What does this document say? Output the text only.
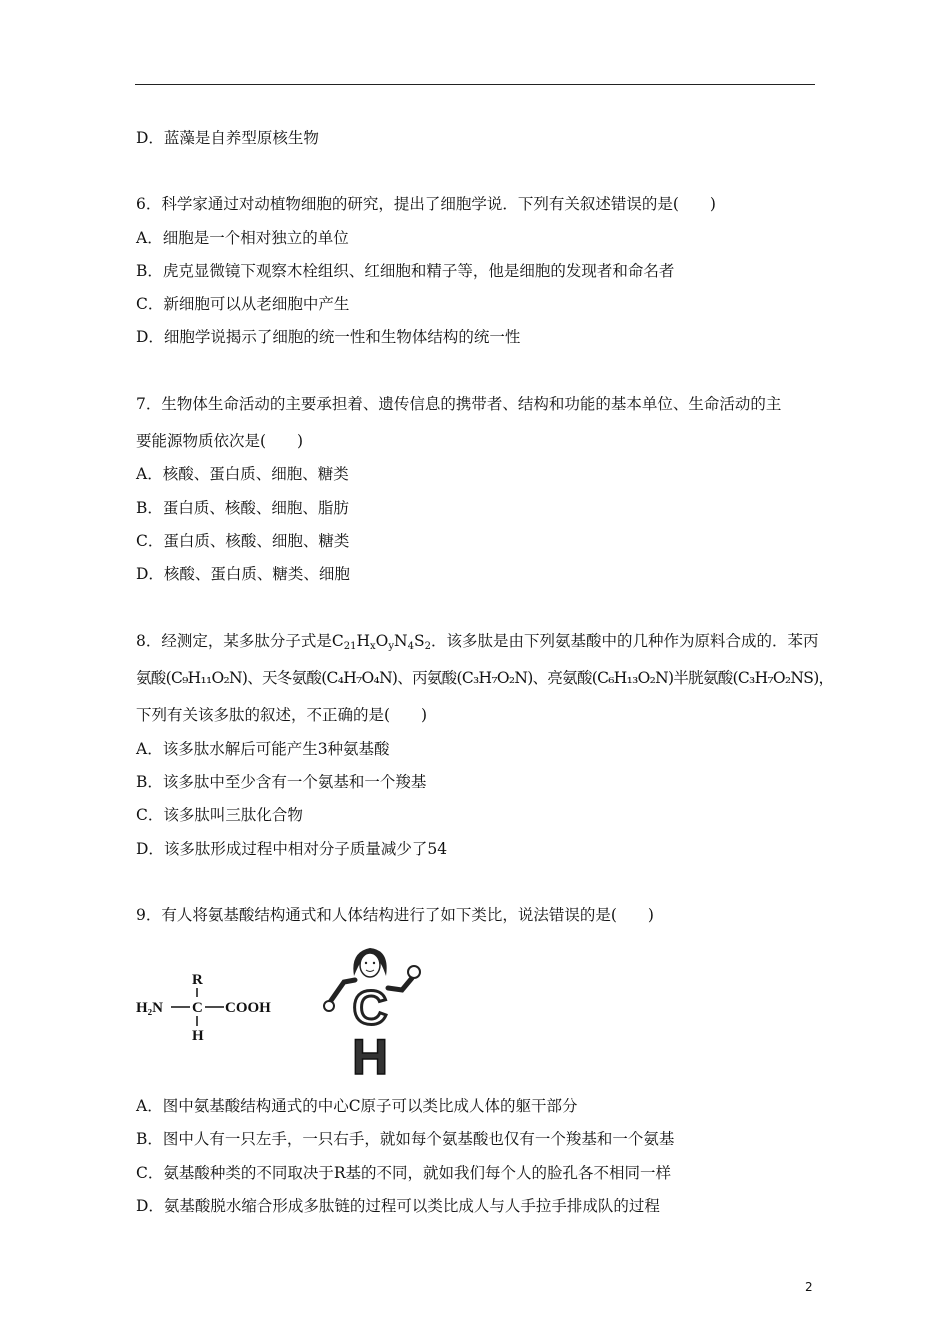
D．蓝藻是自养型原核生物
6．科学家通过对动植物细胞的研究，提出了细胞学说．下列有关叙述错误的是(　　)
A．细胞是一个相对独立的单位
B．虎克显微镜下观察木栓组织、红细胞和精子等，他是细胞的发现者和命名者
C．新细胞可以从老细胞中产生
D．细胞学说揭示了细胞的统一性和生物体结构的统一性
7．生物体生命活动的主要承担着、遗传信息的携带者、结构和功能的基本单位、生命活动的主
要能源物质依次是(　　)
A．核酸、蛋白质、细胞、糖类
B．蛋白质、核酸、细胞、脂肪
C．蛋白质、核酸、细胞、糖类
D．核酸、蛋白质、糖类、细胞
8．经测定，某多肽分子式是$C_{21}H_xO_yN_4S_2$．该多肽是由下列氨基酸中的几种作为原料合成的．苯丙
氨酸(C₉H₁₁O₂N)、天冬氨酸(C₄H₇O₄N)、丙氨酸(C₃H₇O₂N)、亮氨酸(C₆H₁₃O₂N)半胱氨酸(C₃H₇O₂NS)，
下列有关该多肽的叙述，不正确的是(　　)
A．该多肽水解后可能产生3种氨基酸
B．该多肽中至少含有一个氨基和一个羧基
C．该多肽叫三肽化合物
D．该多肽形成过程中相对分子质量减少了54
9．有人将氨基酸结构通式和人体结构进行了如下类比，说法错误的是(　　)
R
H₂N C COOH
H
C
H
A．图中氨基酸结构通式的中心C原子可以类比成人体的躯干部分
B．图中人有一只左手，一只右手，就如每个氨基酸也仅有一个羧基和一个氨基
C．氨基酸种类的不同取决于R基的不同，就如我们每个人的脸孔各不相同一样
D．氨基酸脱水缩合形成多肽链的过程可以类比成人与人手拉手排成队的过程
2
